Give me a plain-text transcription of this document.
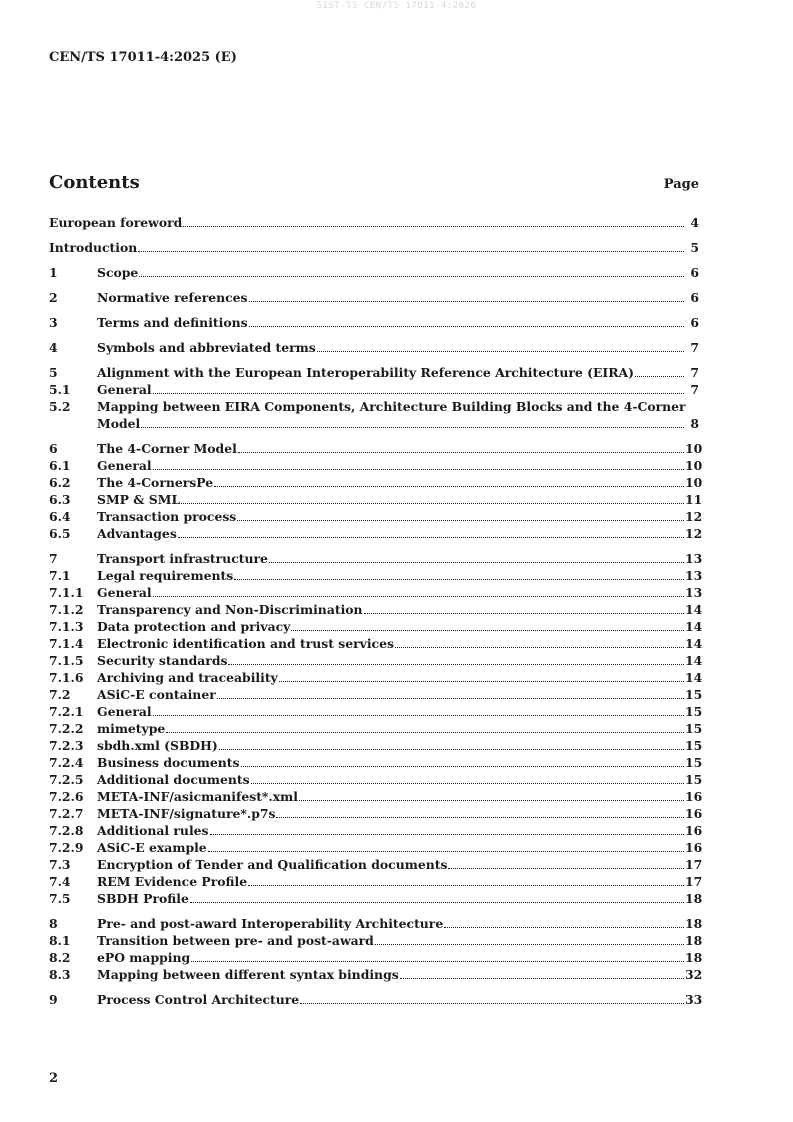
SIST-TS CEN/TS 17011-4:2026
CEN/TS 17011-4:2025 (E)
Contents	Page
European foreword	4
Introduction	5
1	Scope	6
2	Normative references	6
3	Terms and definitions	6
4	Symbols and abbreviated terms	7
5	Alignment with the European Interoperability Reference Architecture (EIRA)	7
5.1	General	7
5.2	Mapping between EIRA Components, Architecture Building Blocks and the 4-Corner
Model	8
6	The 4-Corner Model	10
6.1	General	10
6.2	The 4-CornersPe	10
6.3	SMP & SML	11
6.4	Transaction process	12
6.5	Advantages	12
7	Transport infrastructure	13
7.1	Legal requirements	13
7.1.1	General	13
7.1.2	Transparency and Non-Discrimination	14
7.1.3	Data protection and privacy	14
7.1.4	Electronic identification and trust services	14
7.1.5	Security standards	14
7.1.6	Archiving and traceability	14
7.2	ASiC-E container	15
7.2.1	General	15
7.2.2	mimetype	15
7.2.3	sbdh.xml (SBDH)	15
7.2.4	Business documents	15
7.2.5	Additional documents	15
7.2.6	META-INF/asicmanifest*.xml	16
7.2.7	META-INF/signature*.p7s	16
7.2.8	Additional rules	16
7.2.9	ASiC-E example	16
7.3	Encryption of Tender and Qualification documents	17
7.4	REM Evidence Profile	17
7.5	SBDH Profile	18
8	Pre- and post-award Interoperability Architecture	18
8.1	Transition between pre- and post-award	18
8.2	ePO mapping	18
8.3	Mapping between different syntax bindings	32
9	Process Control Architecture	33
2
